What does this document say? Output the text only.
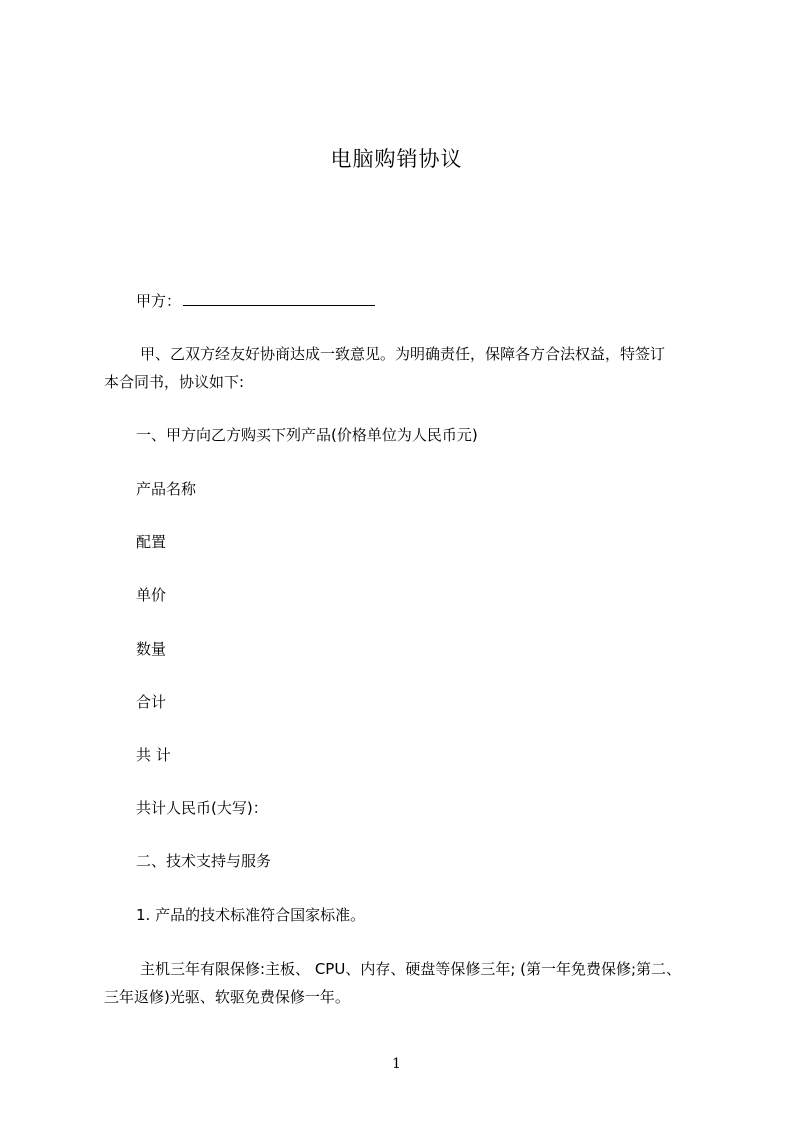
电脑购销协议
甲方：
甲、乙双方经友好协商达成一致意见。为明确责任，保障各方合法权益，特签订
本合同书，协议如下:
一、甲方向乙方购买下列产品(价格单位为人民币元)
产品名称
配置
单价
数量
合计
共 计
共计人民币(大写)：
二、技术支持与服务
1. 产品的技术标准符合国家标准。
主机三年有限保修:主板、 CPU、内存、硬盘等保修三年; (第一年免费保修;第二、
三年返修)光驱、软驱免费保修一年。
1
